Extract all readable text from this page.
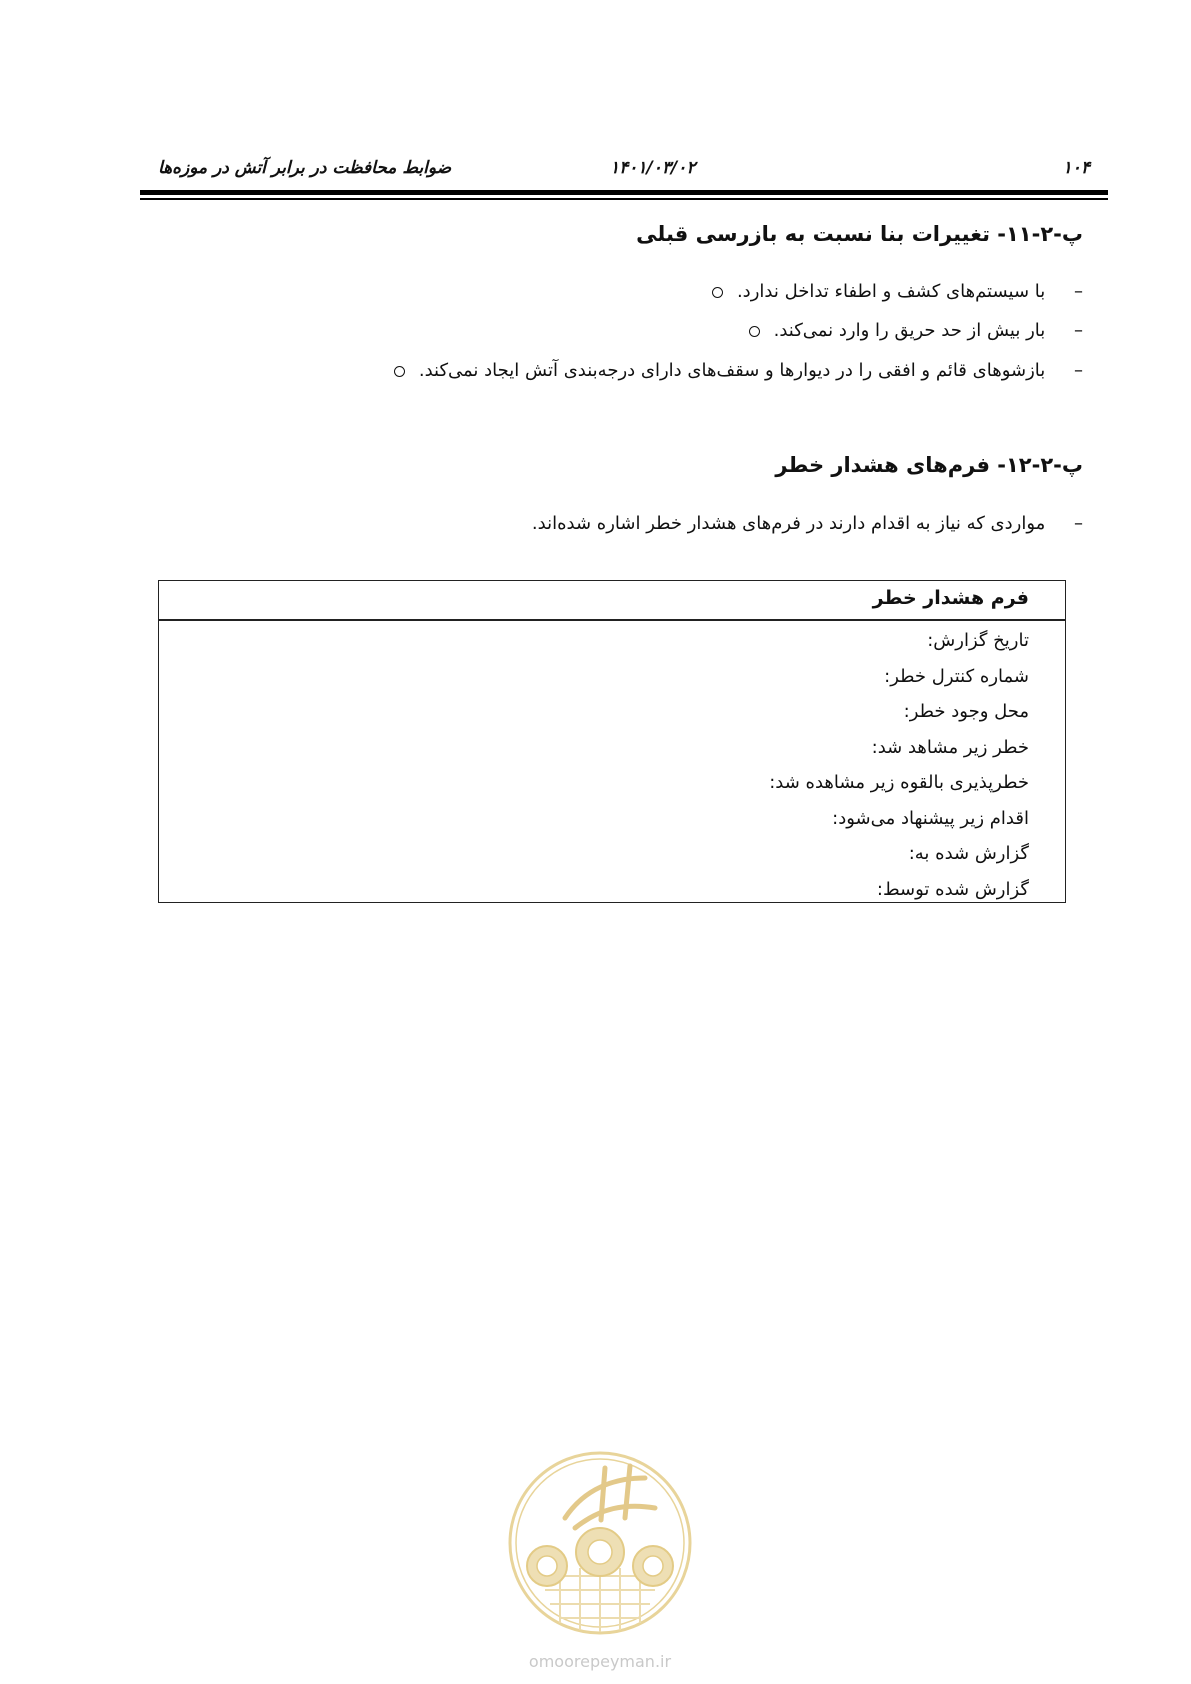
ضوابط محافظت در برابر آتش در موزه‌ها	۱۴۰۱/۰۳/۰۲	۱۰۴
پ-۲-۱۱- تغییرات بنا نسبت به بازرسی قبلی
– با سیستم‌های کشف و اطفاء تداخل ندارد.
– بار بیش از حد حریق را وارد نمی‌کند.
– بازشوهای قائم و افقی را در دیوارها و سقف‌های دارای درجه‌بندی آتش ایجاد نمی‌کند.
پ-۲-۱۲- فرم‌های هشدار خطر
– مواردی که نیاز به اقدام دارند در فرم‌های هشدار خطر اشاره شده‌اند.
فرم هشدار خطر
تاریخ گزارش:
شماره کنترل خطر:
محل وجود خطر:
خطر زیر مشاهد شد:
خطرپذیری بالقوه زیر مشاهده شد:
اقدام زیر پیشنهاد می‌شود:
گزارش شده به:
گزارش شده توسط:
omoorepeyman.ir
